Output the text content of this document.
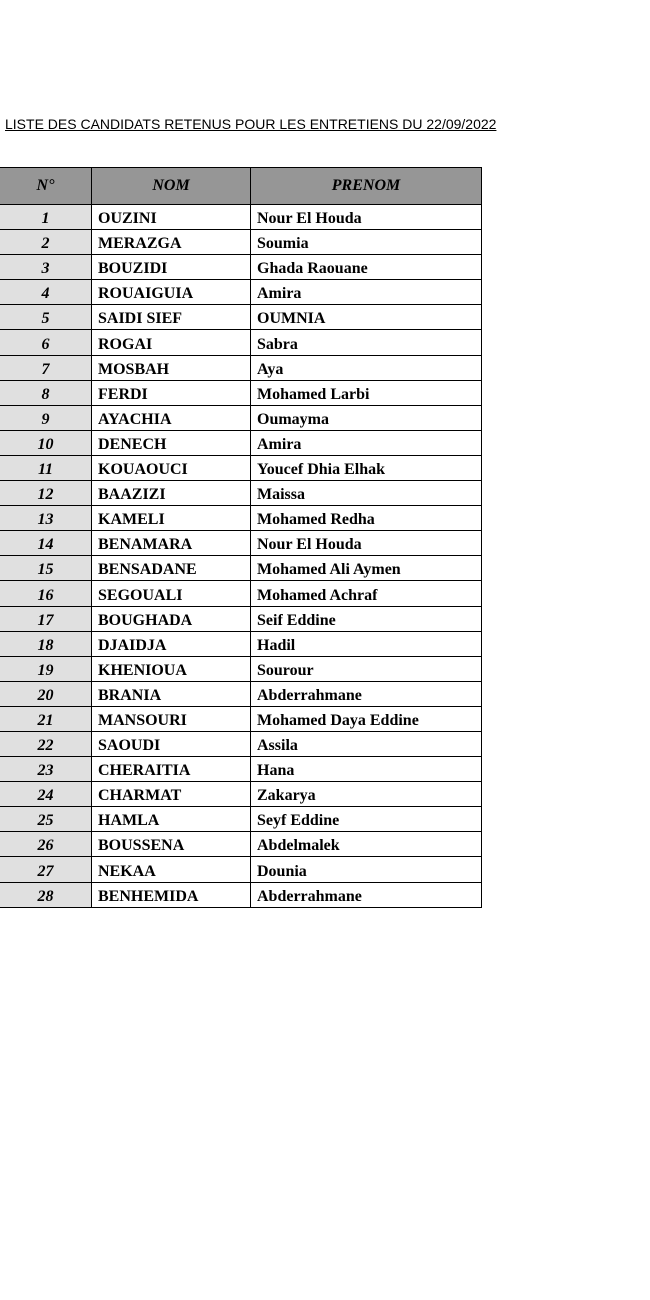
LISTE DES CANDIDATS RETENUS POUR LES ENTRETIENS DU 22/09/2022
N°	NOM	PRENOM
1	OUZINI	Nour El Houda
2	MERAZGA	Soumia
3	BOUZIDI	Ghada Raouane
4	ROUAIGUIA	Amira
5	SAIDI SIEF	OUMNIA
6	ROGAI	Sabra
7	MOSBAH	Aya
8	FERDI	Mohamed Larbi
9	AYACHIA	Oumayma
10	DENECH	Amira
11	KOUAOUCI	Youcef Dhia Elhak
12	BAAZIZI	Maissa
13	KAMELI	Mohamed Redha
14	BENAMARA	Nour El Houda
15	BENSADANE	Mohamed Ali Aymen
16	SEGOUALI	Mohamed Achraf
17	BOUGHADA	Seif Eddine
18	DJAIDJA	Hadil
19	KHENIOUA	Sourour
20	BRANIA	Abderrahmane
21	MANSOURI	Mohamed Daya Eddine
22	SAOUDI	Assila
23	CHERAITIA	Hana
24	CHARMAT	Zakarya
25	HAMLA	Seyf Eddine
26	BOUSSENA	Abdelmalek
27	NEKAA	Dounia
28	BENHEMIDA	Abderrahmane
